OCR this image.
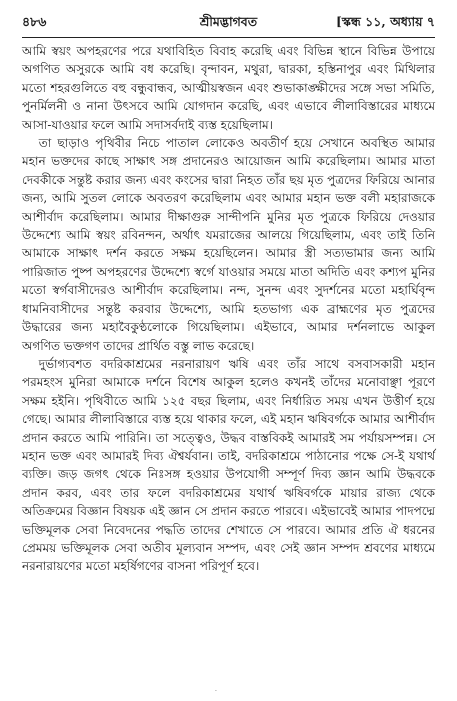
৪৮৬	শ্রীমদ্ভাগবত	[স্কন্ধ ১১, অধ্যায় ৭

আমি স্বয়ং অপহরণের পরে যথাবিহিত বিবাহ করেছি এবং বিভিন্ন স্থানে বিভিন্ন উপায়ে অগণিত অসুরকে আমি বধ করেছি। বৃন্দাবন, মথুরা, দ্বারকা, হস্তিনাপুর এবং মিথিলার মতো শহরগুলিতে বহু বন্ধুবান্ধব, আত্মীয়স্বজন এবং শুভাকাঙ্ক্ষীদের সঙ্গে সভা সমিতি, পুনর্মিলনী ও নানা উৎসবে আমি যোগদান করেছি, এবং এভাবে লীলাবিস্তারের মাধ্যমে আসা-যাওয়ার ফলে আমি সদাসর্বদাই ব্যস্ত হয়েছিলাম।

তা ছাড়াও পৃথিবীর নিচে পাতাল লোকেও অবতীর্ণ হয়ে সেখানে অবস্থিত আমার মহান ভক্তদের কাছে সাক্ষাৎ সঙ্গ প্রদানেরও আয়োজন আমি করেছিলাম। আমার মাতা দেবকীকে সন্তুষ্ট করার জন্য এবং কংসের দ্বারা নিহত তাঁর ছয় মৃত পুত্রদের ফিরিয়ে আনার জন্য, আমি সুতল লোকে অবতরণ করেছিলাম এবং আমার মহান ভক্ত বলী মহারাজকে আশীর্বাদ করেছিলাম। আমার দীক্ষাগুরু সান্দীপনি মুনির মৃত পুত্রকে ফিরিয়ে দেওয়ার উদ্দেশ্যে আমি স্বয়ং রবিনন্দন, অর্থাৎ যমরাজের আলয়ে গিয়েছিলাম, এবং তাই তিনি আমাকে সাক্ষাৎ দর্শন করতে সক্ষম হয়েছিলেন। আমার স্ত্রী সত্যভামার জন্য আমি পারিজাত পুষ্প অপহরণের উদ্দেশ্যে স্বর্গে যাওয়ার সময়ে মাতা অদিতি এবং কশ্যপ মুনির মতো স্বর্গবাসীদেরও আশীর্বাদ করেছিলাম। নন্দ, সুনন্দ এবং সুদর্শনের মতো মহার্ঘিবৃন্দ ধামনিবাসীদের সন্তুষ্ট করবার উদ্দেশ্যে, আমি হতভাগ্য এক ব্রাহ্মণের মৃত পুত্রদের উদ্ধারের জন্য মহাবৈকুণ্ঠলোকে গিয়েছিলাম। এইভাবে, আমার দর্শনলাভে আকুল অগণিত ভক্তগণ তাদের প্রার্থিত বস্তু লাভ করেছে।

দুর্ভাগ্যবশত বদরিকাশ্রমের নরনারায়ণ ঋষি এবং তাঁর সাথে বসবাসকারী মহান পরমহংস মুনিরা আমাকে দর্শনে বিশেষ আকুল হলেও কখনই তাঁদের মনোবাঞ্ছা পূরণে সক্ষম হইনি। পৃথিবীতে আমি ১২৫ বছর ছিলাম, এবং নির্ধারিত সময় এখন উত্তীর্ণ হয়ে গেছে। আমার লীলাবিস্তারে ব্যস্ত হয়ে থাকার ফলে, এই মহান ঋষিবর্গকে আমার আশীর্বাদ প্রদান করতে আমি পারিনি। তা সত্ত্বেও, উদ্ধব বাস্তবিকই আমারই সম পর্যায়সম্পন্ন। সে মহান ভক্ত এবং আমারই দিব্য ঐশ্বর্যবান। তাই, বদরিকাশ্রমে পাঠানোর পক্ষে সে-ই যথার্থ ব্যক্তি। জড় জগৎ থেকে নিঃসঙ্গ হওয়ার উপযোগী সম্পূর্ণ দিব্য জ্ঞান আমি উদ্ধবকে প্রদান করব, এবং তার ফলে বদরিকাশ্রমের যথার্থ ঋষিবর্গকে মায়ার রাজ্য থেকে অতিক্রমের বিজ্ঞান বিষয়ক এই জ্ঞান সে প্রদান করতে পারবে। এইভাবেই আমার পাদপদ্মে ভক্তিমূলক সেবা নিবেদনের পদ্ধতি তাদের শেখাতে সে পারবে। আমার প্রতি ঐ ধরনের প্রেমময় ভক্তিমূলক সেবা অতীব মূল্যবান সম্পদ, এবং সেই জ্ঞান সম্পদ শ্রবণের মাধ্যমে নরনারায়ণের মতো মহর্ষিগণের বাসনা পরিপূর্ণ হবে।

·
